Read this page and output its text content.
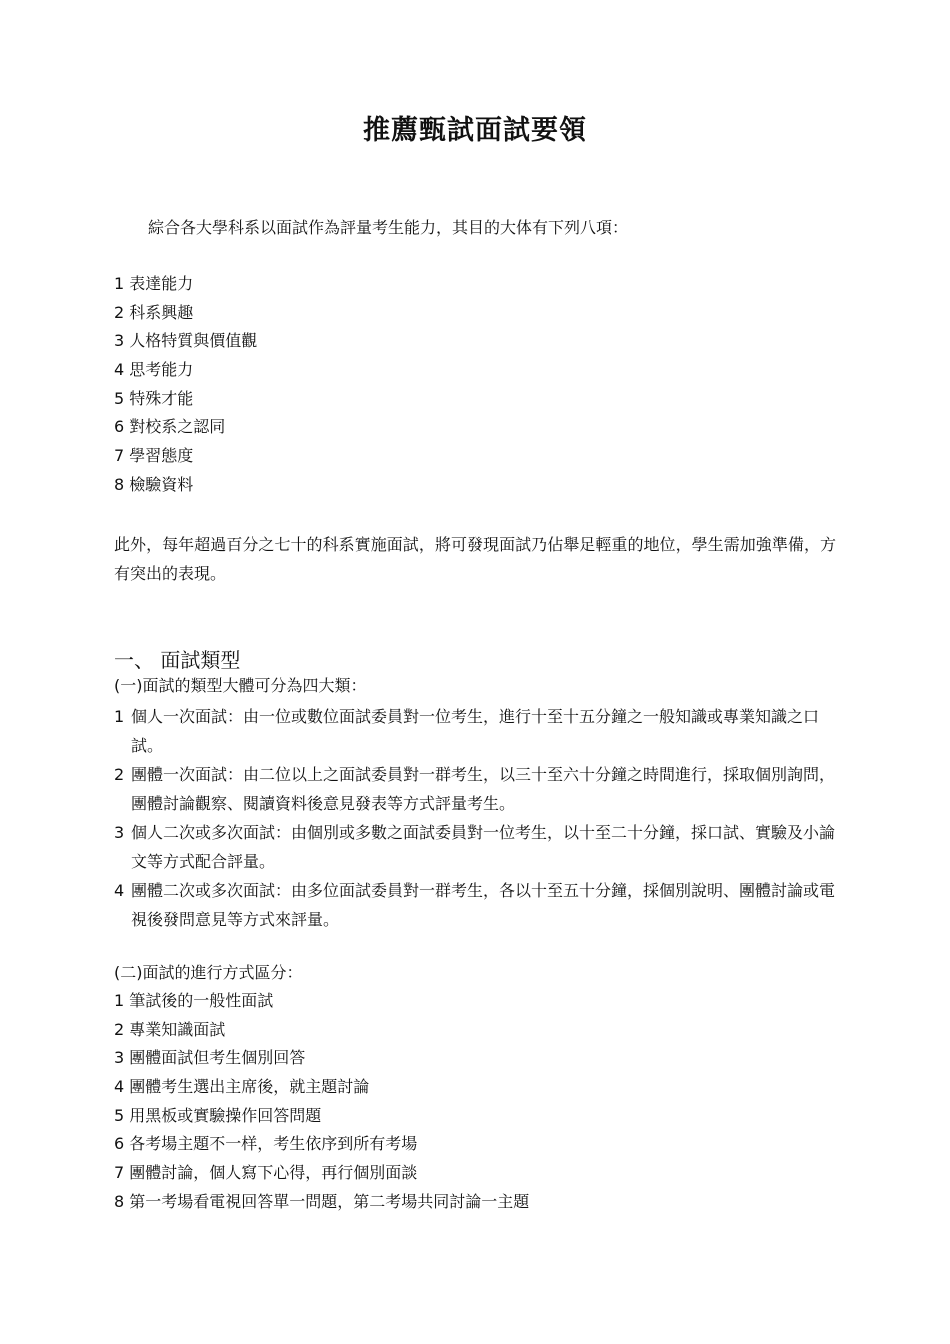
推薦甄試面試要領
綜合各大學科系以面試作為評量考生能力，其目的大体有下列八項：
1 表達能力
2 科系興趣
3 人格特質與價值觀
4 思考能力
5 特殊才能
6 對校系之認同
7 學習態度
8 檢驗資料

此外，每年超過百分之七十的科系實施面試，將可發現面試乃佔舉足輕重的地位，學生需加強準備，方有突出的表現。

一、 面試類型
(一)面試的類型大體可分為四大類：
1 個人一次面試：由一位或數位面試委員對一位考生，進行十至十五分鐘之一般知識或專業知識之口試。
2 團體一次面試：由二位以上之面試委員對一群考生，以三十至六十分鐘之時間進行，採取個別詢問，團體討論觀察、閱讀資料後意見發表等方式評量考生。
3 個人二次或多次面試：由個別或多數之面試委員對一位考生，以十至二十分鐘，採口試、實驗及小論文等方式配合評量。
4 團體二次或多次面試：由多位面試委員對一群考生，各以十至五十分鐘，採個別說明、團體討論或電視後發問意見等方式來評量。
(二)面試的進行方式區分：
1 筆試後的一般性面試
2 專業知識面試
3 團體面試但考生個別回答
4 團體考生選出主席後，就主題討論
5 用黑板或實驗操作回答問題
6 各考場主題不一样，考生依序到所有考場
7 團體討論，個人寫下心得，再行個別面談
8 第一考場看電視回答單一問題，第二考場共同討論一主題
